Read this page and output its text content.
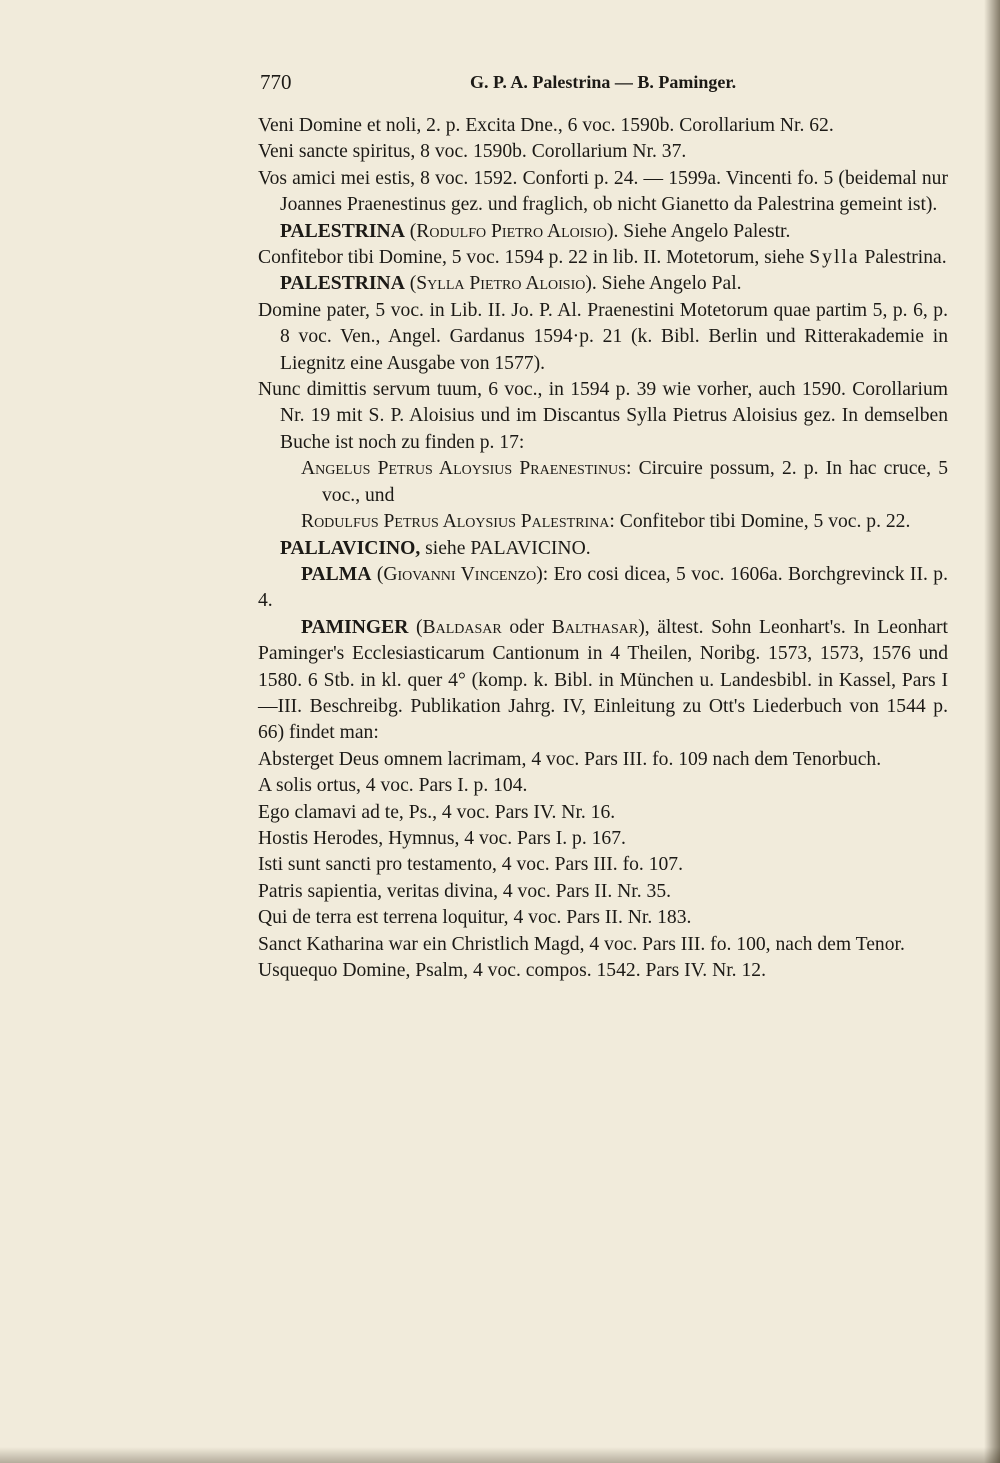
770	G. P. A. Palestrina — B. Paminger.
Veni Domine et noli, 2. p. Excita Dne., 6 voc. 1590b. Corollarium Nr. 62.
Veni sancte spiritus, 8 voc. 1590b. Corollarium Nr. 37.
Vos amici mei estis, 8 voc. 1592. Conforti p. 24. — 1599a. Vincenti fo. 5 (beidemal nur Joannes Praenestinus gez. und fraglich, ob nicht Gianetto da Palestrina gemeint ist).
PALESTRINA (Rodulfo Pietro Aloisio). Siehe Angelo Palestr.
Confitebor tibi Domine, 5 voc. 1594 p. 22 in lib. II. Motetorum, siehe Sylla Palestrina.
PALESTRINA (Sylla Pietro Aloisio). Siehe Angelo Pal.
Domine pater, 5 voc. in Lib. II. Jo. P. Al. Praenestini Motetorum quae partim 5, p. 6, p. 8 voc. Ven., Angel. Gardanus 1594·p. 21 (k. Bibl. Berlin und Ritterakademie in Liegnitz eine Ausgabe von 1577).
Nunc dimittis servum tuum, 6 voc., in 1594 p. 39 wie vorher, auch 1590. Corollarium Nr. 19 mit S. P. Aloisius und im Discantus Sylla Pietrus Aloisius gez. In demselben Buche ist noch zu finden p. 17:
Angelus Petrus Aloysius Praenestinus: Circuire possum, 2. p. In hac cruce, 5 voc., und
Rodulfus Petrus Aloysius Palestrina: Confitebor tibi Domine, 5 voc. p. 22.
PALLAVICINO, siehe PALAVICINO.
PALMA (Giovanni Vincenzo): Ero cosi dicea, 5 voc. 1606a. Borchgrevinck II. p. 4.
PAMINGER (Baldasar oder Balthasar), ältest. Sohn Leonhart's. In Leonhart Paminger's Ecclesiasticarum Cantionum in 4 Theilen, Noribg. 1573, 1573, 1576 und 1580. 6 Stb. in kl. quer 4° (komp. k. Bibl. in München u. Landesbibl. in Kassel, Pars I—III. Beschreibg. Publikation Jahrg. IV, Einleitung zu Ott's Liederbuch von 1544 p. 66) findet man:
Absterget Deus omnem lacrimam, 4 voc. Pars III. fo. 109 nach dem Tenorbuch.
A solis ortus, 4 voc. Pars I. p. 104.
Ego clamavi ad te, Ps., 4 voc. Pars IV. Nr. 16.
Hostis Herodes, Hymnus, 4 voc. Pars I. p. 167.
Isti sunt sancti pro testamento, 4 voc. Pars III. fo. 107.
Patris sapientia, veritas divina, 4 voc. Pars II. Nr. 35.
Qui de terra est terrena loquitur, 4 voc. Pars II. Nr. 183.
Sanct Katharina war ein Christlich Magd, 4 voc. Pars III. fo. 100, nach dem Tenor.
Usquequo Domine, Psalm, 4 voc. compos. 1542. Pars IV. Nr. 12.
